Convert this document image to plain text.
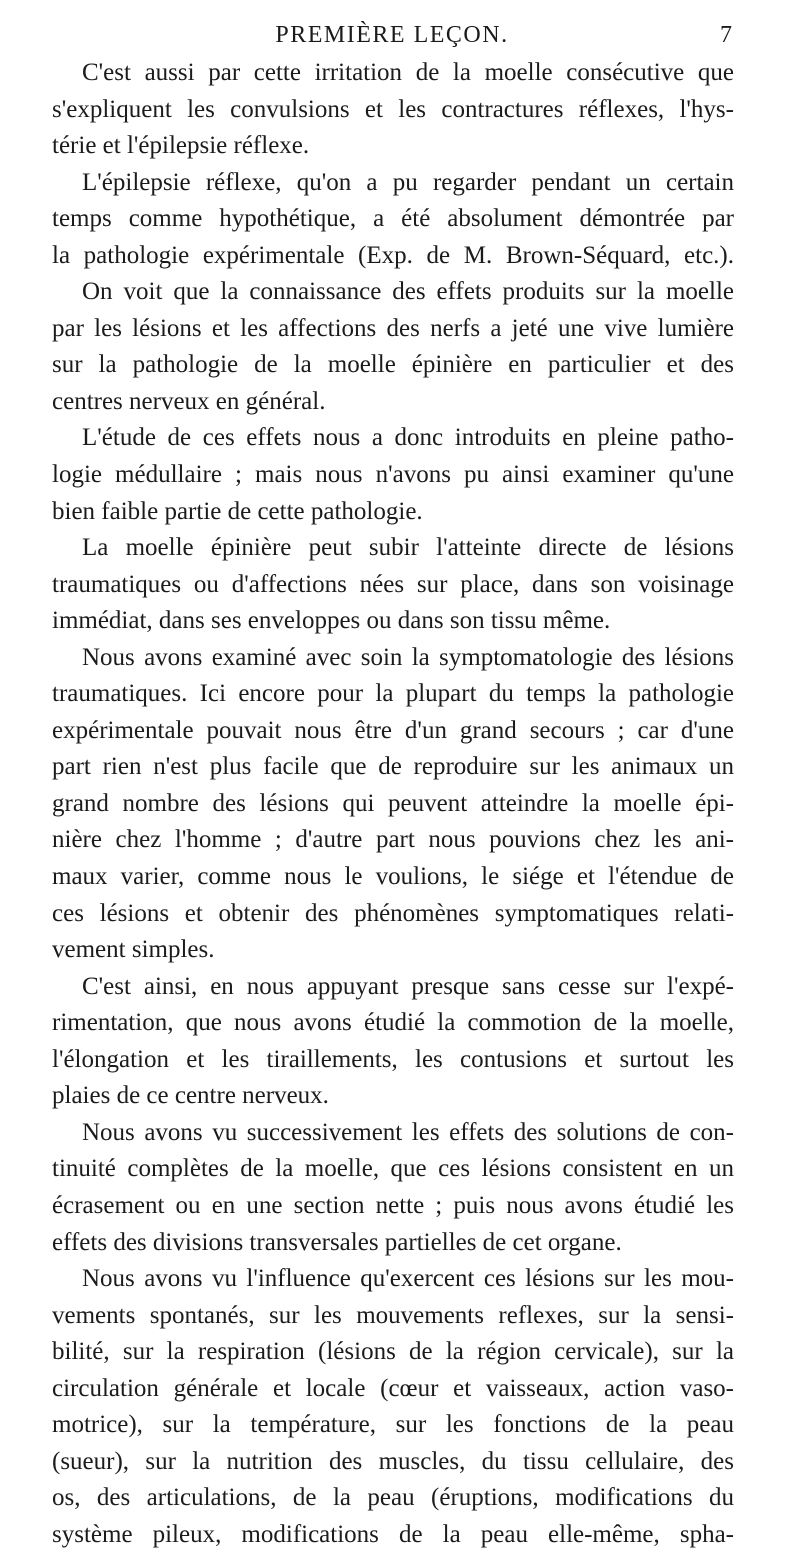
PREMIÈRE LEÇON.	7
C'est aussi par cette irritation de la moelle consécutive que
s'expliquent les convulsions et les contractures réflexes, l'hys-
térie et l'épilepsie réflexe.
L'épilepsie réflexe, qu'on a pu regarder pendant un certain
temps comme hypothétique, a été absolument démontrée par
la pathologie expérimentale (Exp. de M. Brown-Séquard, etc.).
On voit que la connaissance des effets produits sur la moelle
par les lésions et les affections des nerfs a jeté une vive lumière
sur la pathologie de la moelle épinière en particulier et des
centres nerveux en général.
L'étude de ces effets nous a donc introduits en pleine patho-
logie médullaire ; mais nous n'avons pu ainsi examiner qu'une
bien faible partie de cette pathologie.
La moelle épinière peut subir l'atteinte directe de lésions
traumatiques ou d'affections nées sur place, dans son voisinage
immédiat, dans ses enveloppes ou dans son tissu même.
Nous avons examiné avec soin la symptomatologie des lésions
traumatiques. Ici encore pour la plupart du temps la pathologie
expérimentale pouvait nous être d'un grand secours ; car d'une
part rien n'est plus facile que de reproduire sur les animaux un
grand nombre des lésions qui peuvent atteindre la moelle épi-
nière chez l'homme ; d'autre part nous pouvions chez les ani-
maux varier, comme nous le voulions, le siége et l'étendue de
ces lésions et obtenir des phénomènes symptomatiques relati-
vement simples.
C'est ainsi, en nous appuyant presque sans cesse sur l'expé-
rimentation, que nous avons étudié la commotion de la moelle,
l'élongation et les tiraillements, les contusions et surtout les
plaies de ce centre nerveux.
Nous avons vu successivement les effets des solutions de con-
tinuité complètes de la moelle, que ces lésions consistent en un
écrasement ou en une section nette ; puis nous avons étudié les
effets des divisions transversales partielles de cet organe.
Nous avons vu l'influence qu'exercent ces lésions sur les mou-
vements spontanés, sur les mouvements reflexes, sur la sensi-
bilité, sur la respiration (lésions de la région cervicale), sur la
circulation générale et locale (cœur et vaisseaux, action vaso-
motrice), sur la température, sur les fonctions de la peau
(sueur), sur la nutrition des muscles, du tissu cellulaire, des
os, des articulations, de la peau (éruptions, modifications du
système pileux, modifications de la peau elle-même, spha-
